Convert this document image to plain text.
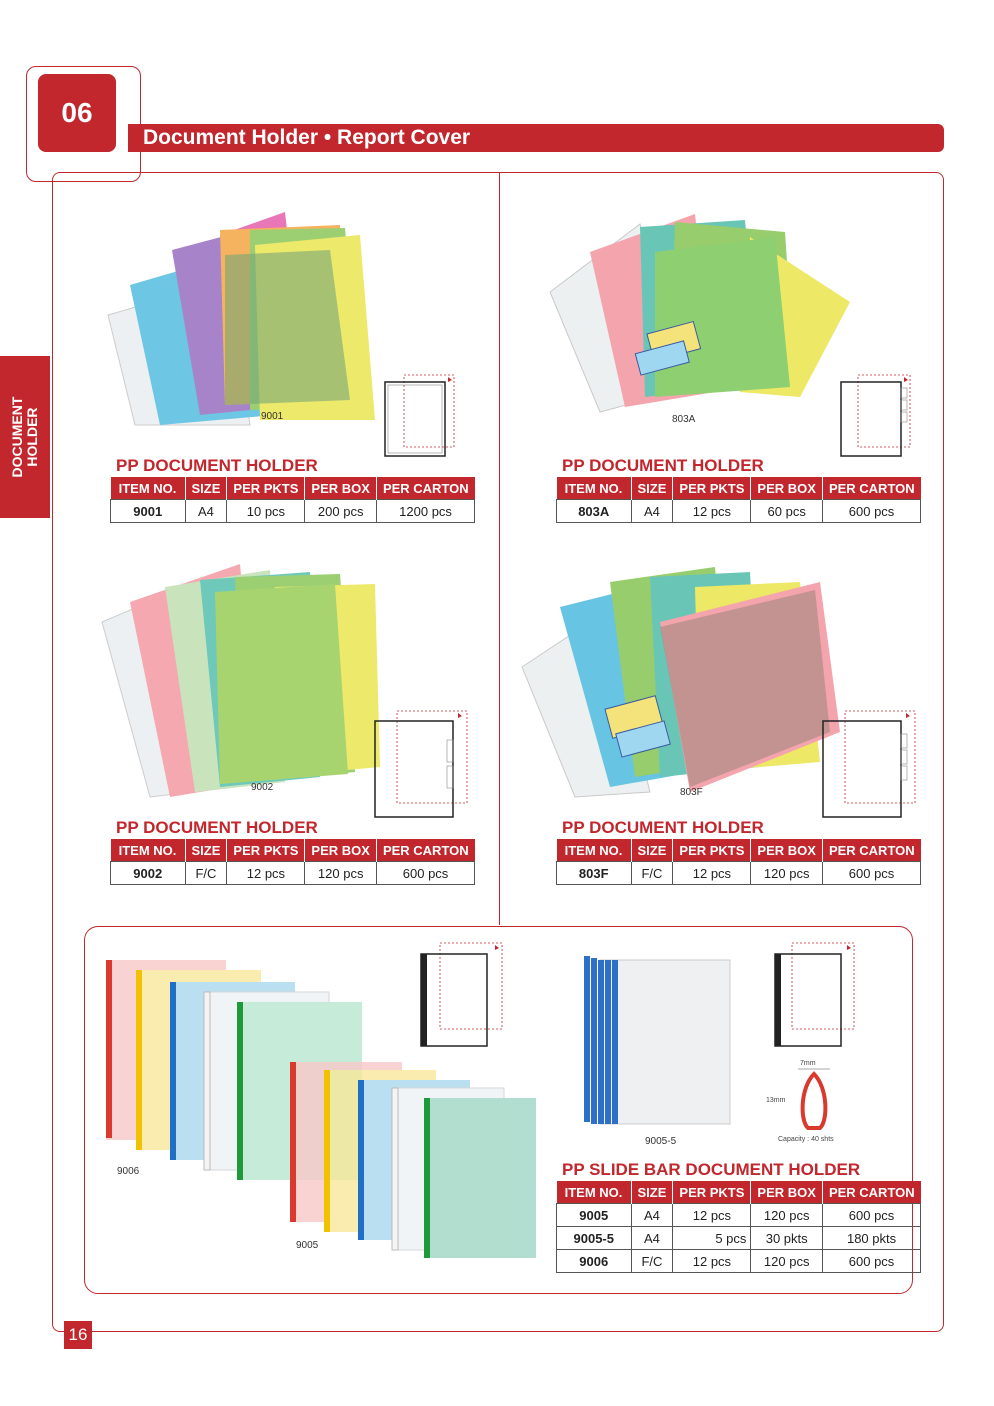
06
Document Holder • Report Cover
DOCUMENT HOLDER	9001
PP DOCUMENT HOLDER
ITEM NO.	SIZE	PER PKTS	PER BOX	PER CARTON
9001	A4	10 pcs	200 pcs	1200 pcs
803A
PP DOCUMENT HOLDER
ITEM NO.	SIZE	PER PKTS	PER BOX	PER CARTON
803A	A4	12 pcs	60 pcs	600 pcs
9002
PP DOCUMENT HOLDER
ITEM NO.	SIZE	PER PKTS	PER BOX	PER CARTON
9002	F/C	12 pcs	120 pcs	600 pcs
803F
PP DOCUMENT HOLDER
ITEM NO.	SIZE	PER PKTS	PER BOX	PER CARTON
803F	F/C	12 pcs	120 pcs	600 pcs
9006
9005
9005-5
7mm
13mm
Capacity : 40 shts
PP SLIDE BAR DOCUMENT HOLDER
ITEM NO.	SIZE	PER PKTS	PER BOX	PER CARTON
9005	A4	12 pcs	120 pcs	600 pcs
9005-5	A4	5 pcs	30 pkts	180 pkts
9006	F/C	12 pcs	120 pcs	600 pcs
16
